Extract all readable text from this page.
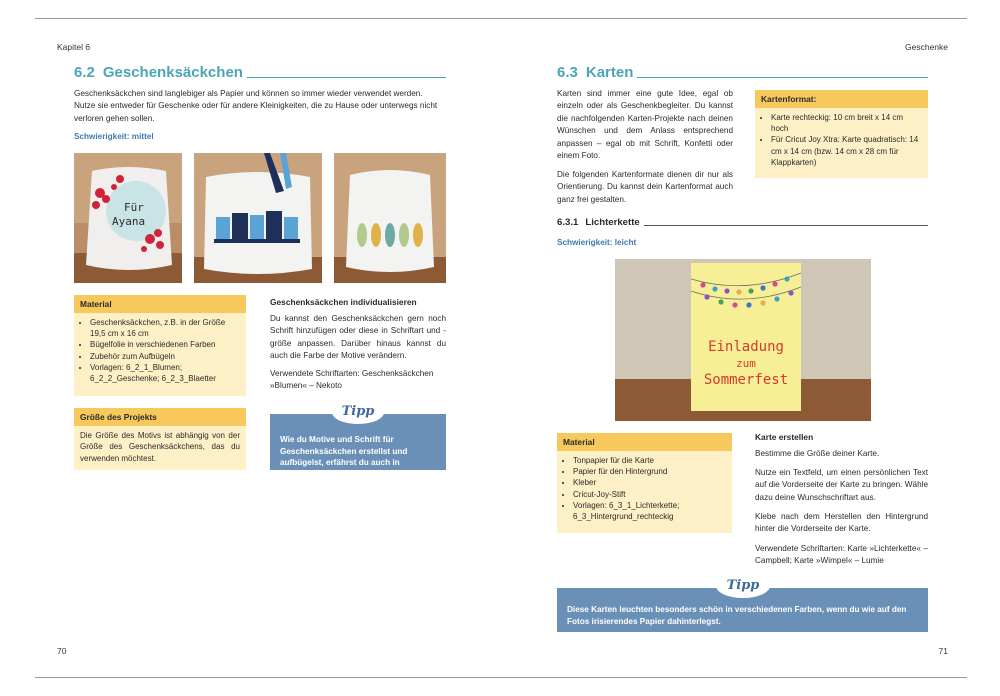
Kapitel 6	Geschenke
70	71
6.2 Geschenksäckchen
Geschenksäckchen sind langlebiger als Papier und können so immer wieder verwendet werden. Nutze sie entweder für Geschenke oder für andere Kleinigkeiten, die zu Hause oder unterwegs nicht verloren gehen sollen.
Schwierigkeit: mittel
Für
Ayana
Material
• Geschenksäckchen, z.B. in der Größe 19,5 cm x 16 cm
• Bügelfolie in verschiedenen Farben
• Zubehör zum Aufbügeln
• Vorlagen: 6_2_1_Blumen; 6_2_2_Geschenke; 6_2_3_Blaetter
Größe des Projekts
Die Größe des Motivs ist abhängig von der Größe des Geschenksäckchens, das du verwenden möchtest.
Geschenksäckchen individualisieren
Du kannst den Geschenksäckchen gern noch Schrift hinzufügen oder diese in Schriftart und -größe anpassen. Darüber hinaus kannst du auch die Farbe der Motive verändern.
Verwendete Schriftarten: Geschenksäckchen »Blumen« – Nekoto
Wie du Motive und Schrift für Geschenksäckchen erstellst und aufbügelst, erfährst du auch in Abschnitt 5.7.
Tipp
6.3 Karten
Karten sind immer eine gute Idee, egal ob einzeln oder als Geschenkbegleiter. Du kannst die nachfolgenden Karten-Projekte nach deinen Wünschen und dem Anlass entsprechend anpassen – egal ob mit Schrift, Konfetti oder einem Foto.
Die folgenden Kartenformate dienen dir nur als Orientierung. Du kannst dein Kartenformat auch ganz frei gestalten.
Kartenformat:
• Karte rechteckig: 10 cm breit x 14 cm hoch
• Für Cricut Joy Xtra: Karte quadratisch: 14 cm x 14 cm (bzw. 14 cm x 28 cm für Klappkarten)
6.3.1 Lichterkette
Schwierigkeit: leicht
Einladung
zum
Sommerfest
Material
• Tonpapier für die Karte
• Papier für den Hintergrund
• Kleber
• Cricut-Joy-Stift
• Vorlagen: 6_3_1_Lichterkette; 6_3_Hintergrund_rechteckig
Karte erstellen
Bestimme die Größe deiner Karte.
Nutze ein Textfeld, um einen persönlichen Text auf die Vorderseite der Karte zu bringen. Wähle dazu deine Wunschschriftart aus.
Klebe nach dem Herstellen den Hintergrund hinter die Vorderseite der Karte.
Verwendete Schriftarten: Karte »Lichterkette« – Campbell; Karte »Wimpel« – Lumie
Diese Karten leuchten besonders schön in verschiedenen Farben, wenn du wie auf den Fotos irisierendes Papier dahinterlegst.
Tipp
